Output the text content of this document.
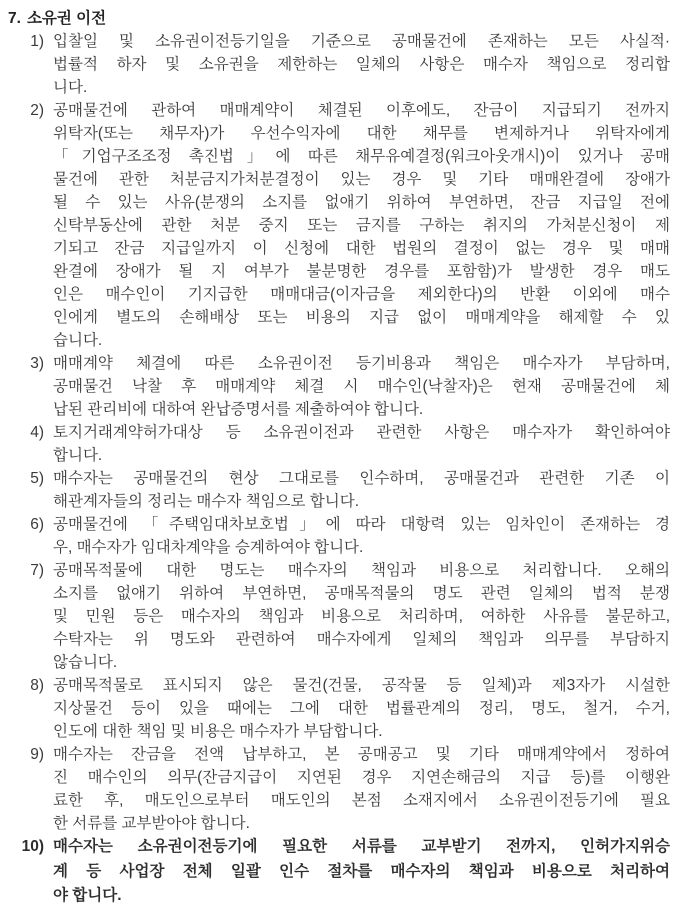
7. 소유권 이전
1) 입찰일 및 소유권이전등기일을 기준으로 공매물건에 존재하는 모든 사실적·
법률적 하자 및 소유권을 제한하는 일체의 사항은 매수자 책임으로 정리합
니다.
2) 공매물건에 관하여 매매계약이 체결된 이후에도, 잔금이 지급되기 전까지
위탁자(또는 채무자)가 우선수익자에 대한 채무를 변제하거나 위탁자에게
「기업구조조정 촉진법」에 따른 채무유예결정(워크아웃개시)이 있거나 공매
물건에 관한 처분금지가처분결정이 있는 경우 및 기타 매매완결에 장애가
될 수 있는 사유(분쟁의 소지를 없애기 위하여 부연하면, 잔금 지급일 전에
신탁부동산에 관한 처분 중지 또는 금지를 구하는 취지의 가처분신청이 제
기되고 잔금 지급일까지 이 신청에 대한 법원의 결정이 없는 경우 및 매매
완결에 장애가 될 지 여부가 불분명한 경우를 포함함)가 발생한 경우 매도
인은 매수인이 기지급한 매매대금(이자금을 제외한다)의 반환 이외에 매수
인에게 별도의 손해배상 또는 비용의 지급 없이 매매계약을 해제할 수 있
습니다.
3) 매매계약 체결에 따른 소유권이전 등기비용과 책임은 매수자가 부담하며,
공매물건 낙찰 후 매매계약 체결 시 매수인(낙찰자)은 현재 공매물건에 체
납된 관리비에 대하여 완납증명서를 제출하여야 합니다.
4) 토지거래계약허가대상 등 소유권이전과 관련한 사항은 매수자가 확인하여야
합니다.
5) 매수자는 공매물건의 현상 그대로를 인수하며, 공매물건과 관련한 기존 이
해관계자들의 정리는 매수자 책임으로 합니다.
6) 공매물건에 「주택임대차보호법」에 따라 대항력 있는 임차인이 존재하는 경
우, 매수자가 임대차계약을 승계하여야 합니다.
7) 공매목적물에 대한 명도는 매수자의 책임과 비용으로 처리합니다. 오해의
소지를 없애기 위하여 부연하면, 공매목적물의 명도 관련 일체의 법적 분쟁
및 민원 등은 매수자의 책임과 비용으로 처리하며, 여하한 사유를 불문하고,
수탁자는 위 명도와 관련하여 매수자에게 일체의 책임과 의무를 부담하지
않습니다.
8) 공매목적물로 표시되지 않은 물건(건물, 공작물 등 일체)과 제3자가 시설한
지상물건 등이 있을 때에는 그에 대한 법률관계의 정리, 명도, 철거, 수거,
인도에 대한 책임 및 비용은 매수자가 부담합니다.
9) 매수자는 잔금을 전액 납부하고, 본 공매공고 및 기타 매매계약에서 정하여
진 매수인의 의무(잔금지급이 지연된 경우 지연손해금의 지급 등)를 이행완
료한 후, 매도인으로부터 매도인의 본점 소재지에서 소유권이전등기에 필요
한 서류를 교부받아야 합니다.
10) 매수자는 소유권이전등기에 필요한 서류를 교부받기 전까지, 인허가지위승
계 등 사업장 전체 일괄 인수 절차를 매수자의 책임과 비용으로 처리하여
야 합니다.
